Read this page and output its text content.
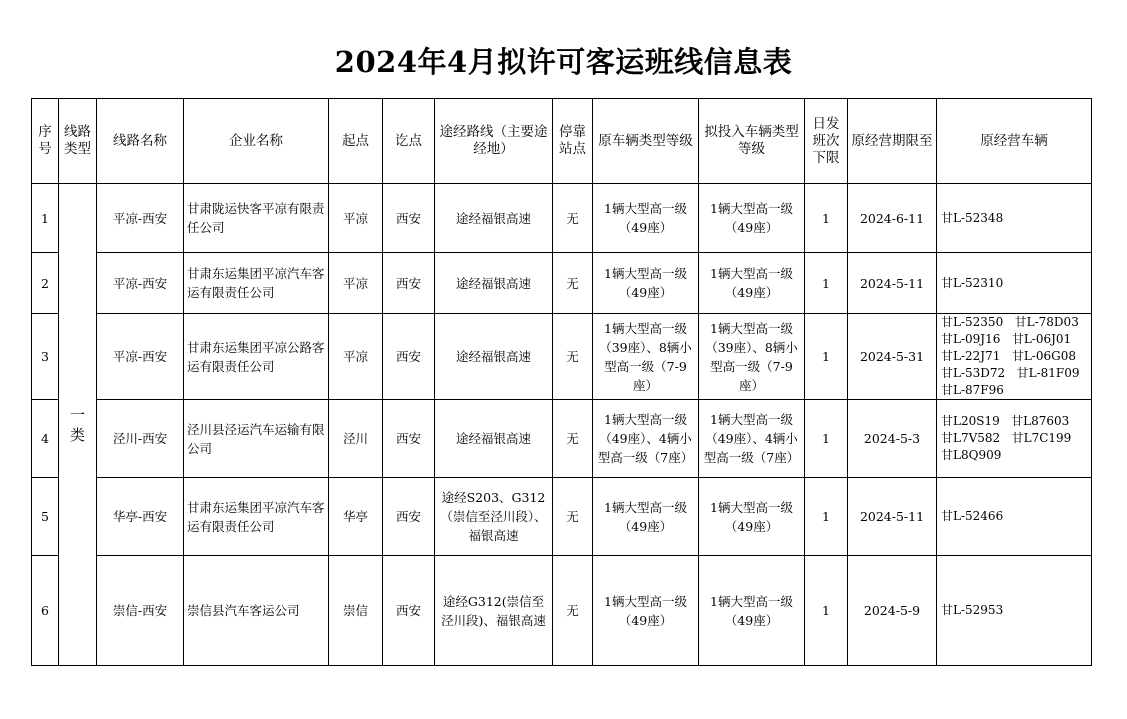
2024年4月拟许可客运班线信息表
序号	线路类型	线路名称	企业名称	起点	讫点	途经路线（主要途经地）	停靠站点	原车辆类型等级	拟投入车辆类型等级	日发班次下限	原经营期限至	原经营车辆
1	一类	平凉-西安	甘肃陇运快客平凉有限责任公司	平凉	西安	途经福银高速	无	1辆大型高一级（49座）	1辆大型高一级（49座）	1	2024-6-11	甘L-52348
2		平凉-西安	甘肃东运集团平凉汽车客运有限责任公司	平凉	西安	途经福银高速	无	1辆大型高一级（49座）	1辆大型高一级（49座）	1	2024-5-11	甘L-52310
3		平凉-西安	甘肃东运集团平凉公路客运有限责任公司	平凉	西安	途经福银高速	无	1辆大型高一级（39座）、8辆小型高一级（7-9座）	1辆大型高一级（39座）、8辆小型高一级（7-9座）	1	2024-5-31	甘L-52350   甘L-78D03
甘L-09J16   甘L-06J01
甘L-22J71   甘L-06G08
甘L-53D72   甘L-81F09
甘L-87F96
4		泾川-西安	泾川县泾运汽车运输有限公司	泾川	西安	途经福银高速	无	1辆大型高一级（49座）、4辆小型高一级（7座）	1辆大型高一级（49座）、4辆小型高一级（7座）	1	2024-5-3	甘L20S19   甘L87603
甘L7V582   甘L7C199
甘L8Q909
5		华亭-西安	甘肃东运集团平凉汽车客运有限责任公司	华亭	西安	途经S203、G312（崇信至泾川段）、福银高速	无	1辆大型高一级（49座）	1辆大型高一级（49座）	1	2024-5-11	甘L-52466
6		崇信-西安	崇信县汽车客运公司	崇信	西安	途经G312(崇信至泾川段)、福银高速	无	1辆大型高一级（49座）	1辆大型高一级（49座）	1	2024-5-9	甘L-52953
